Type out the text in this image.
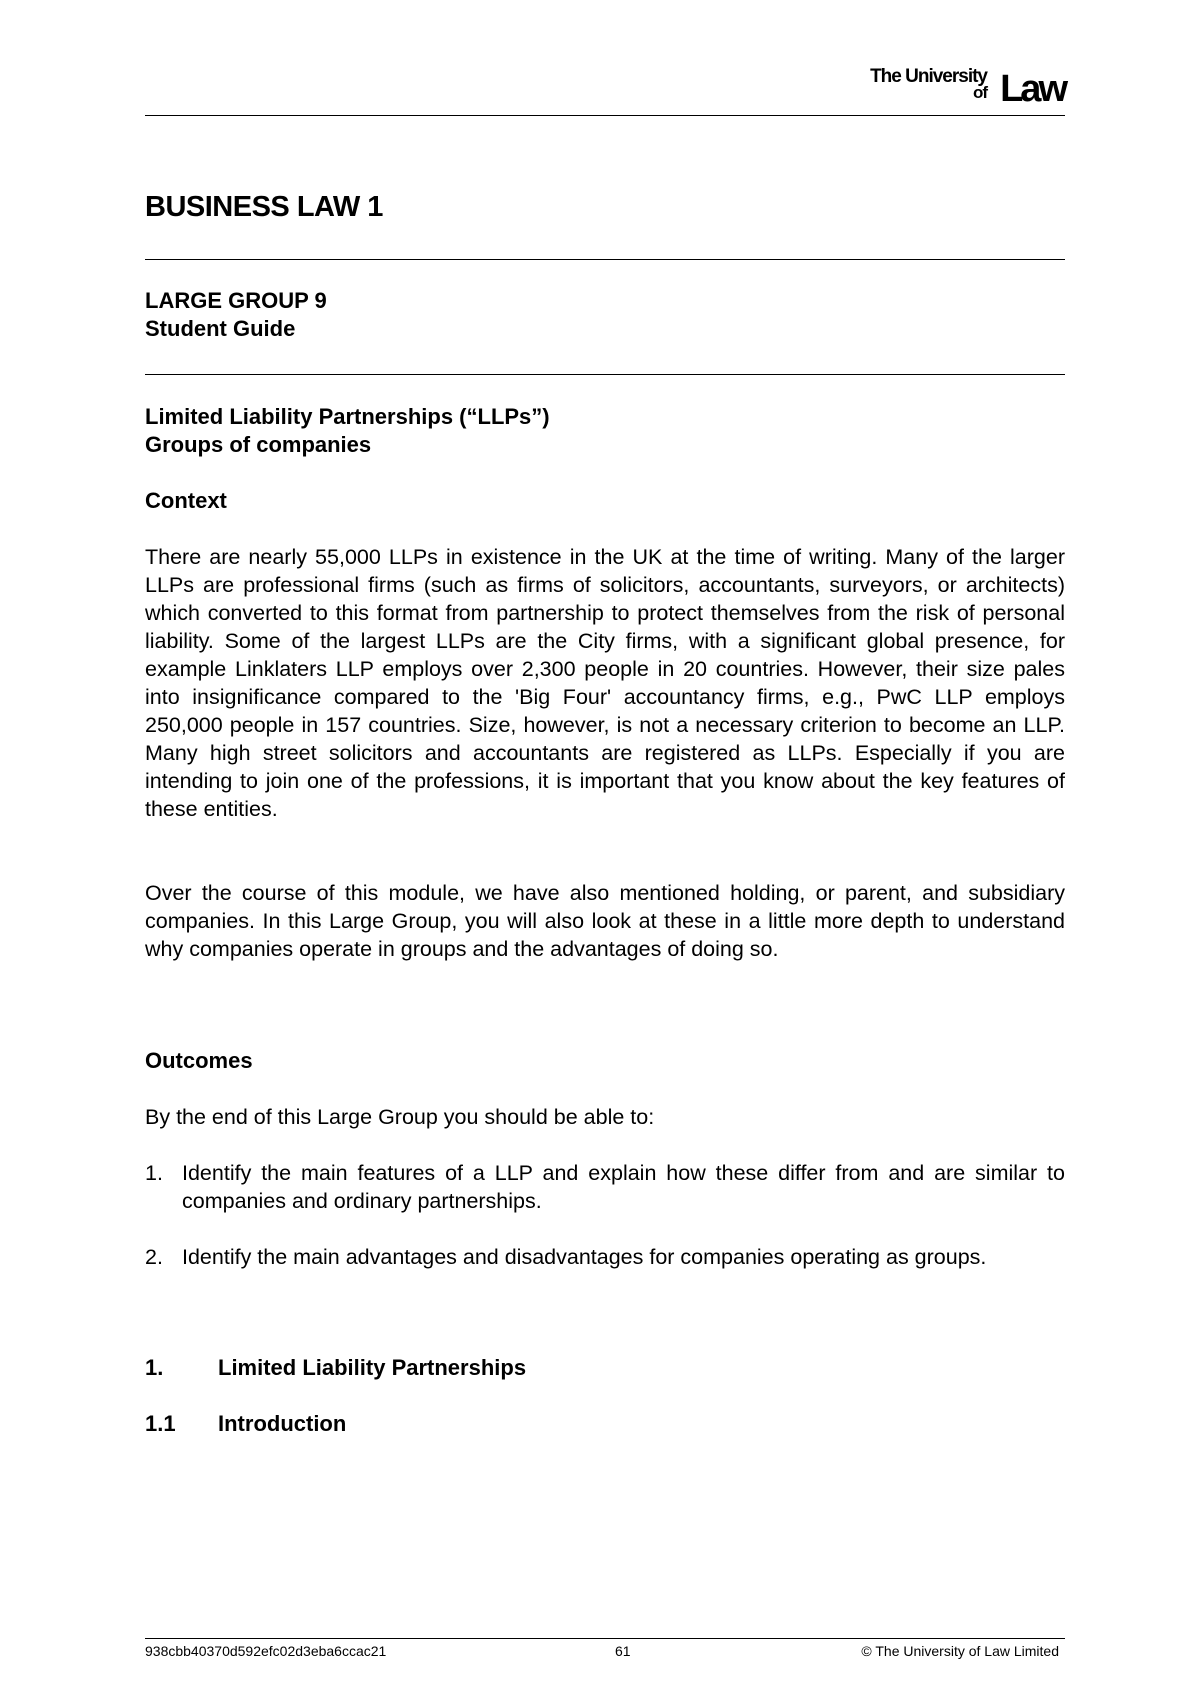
The University
of Law
BUSINESS LAW 1
LARGE GROUP 9
Student Guide
Limited Liability Partnerships (“LLPs”)
Groups of companies
Context
There are nearly 55,000 LLPs in existence in the UK at the time of writing. Many of the larger LLPs are professional firms (such as firms of solicitors, accountants, surveyors, or architects) which converted to this format from partnership to protect themselves from the risk of personal liability. Some of the largest LLPs are the City firms, with a significant global presence, for example Linklaters LLP employs over 2,300 people in 20 countries. However, their size pales into insignificance compared to the 'Big Four' accountancy firms, e.g., PwC LLP employs 250,000 people in 157 countries. Size, however, is not a necessary criterion to become an LLP. Many high street solicitors and accountants are registered as LLPs. Especially if you are intending to join one of the professions, it is important that you know about the key features of these entities.
Over the course of this module, we have also mentioned holding, or parent, and subsidiary companies. In this Large Group, you will also look at these in a little more depth to understand why companies operate in groups and the advantages of doing so.
Outcomes
By the end of this Large Group you should be able to:
1. Identify the main features of a LLP and explain how these differ from and are similar to companies and ordinary partnerships.
2. Identify the main advantages and disadvantages for companies operating as groups.
1. Limited Liability Partnerships
1.1 Introduction
938cbb40370d592efc02d3eba6ccac21	61	© The University of Law Limited
